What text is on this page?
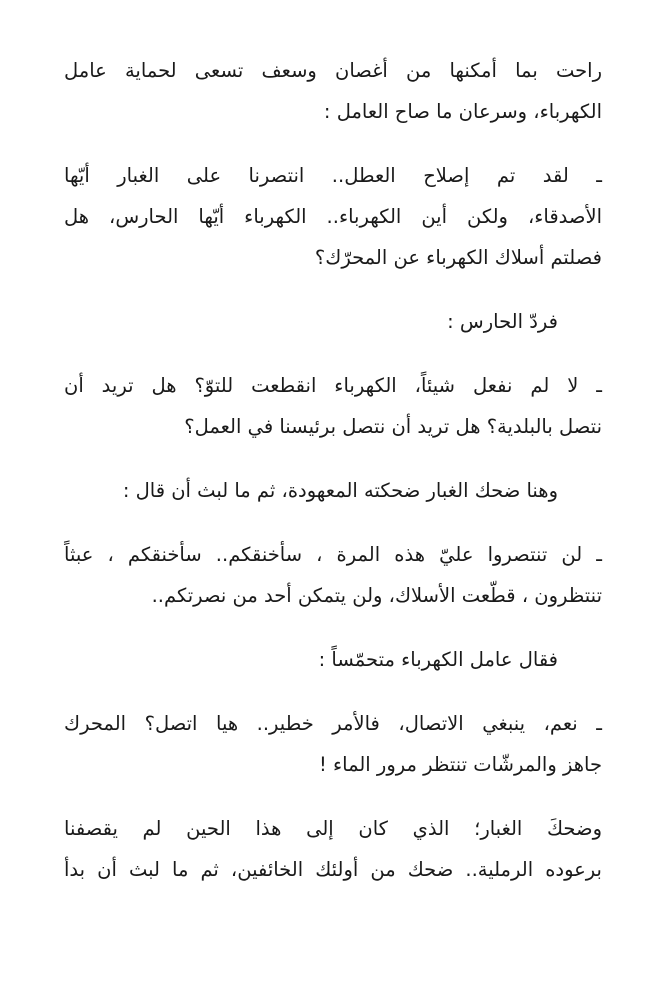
راحت بما أمكنها من أغصان وسعف تسعى لحماية عامل
الكهرباء، وسرعان ما صاح العامل :

ـ لقد تم إصلاح العطل.. انتصرنا على الغبار أيّها
الأصدقاء، ولكن أين الكهرباء.. الكهرباء أيّها الحارس، هل
فصلتم أسلاك الكهرباء عن المحرّك؟

فردّ الحارس :

ـ لا لم نفعل شيئاً، الكهرباء انقطعت للتوّ؟ هل تريد أن
نتصل بالبلدية؟ هل تريد أن نتصل برئيسنا في العمل؟

وهنا ضحك الغبار ضحكته المعهودة، ثم ما لبث أن قال :

ـ لن تنتصروا عليّ هذه المرة ، سأخنقكم.. سأخنقكم ، عبثاً
تنتظرون ، قطّعت الأسلاك، ولن يتمكن أحد من نصرتكم..

فقال عامل الكهرباء متحمّساً :

ـ نعم، ينبغي الاتصال، فالأمر خطير.. هيا اتصل؟ المحرك
جاهز والمرشّات تنتظر مرور الماء !

وضحكَ الغبار؛ الذي كان إلى هذا الحين لم يقصفنا
برعوده الرملية.. ضحك من أولئك الخائفين، ثم ما لبث أن بدأ
